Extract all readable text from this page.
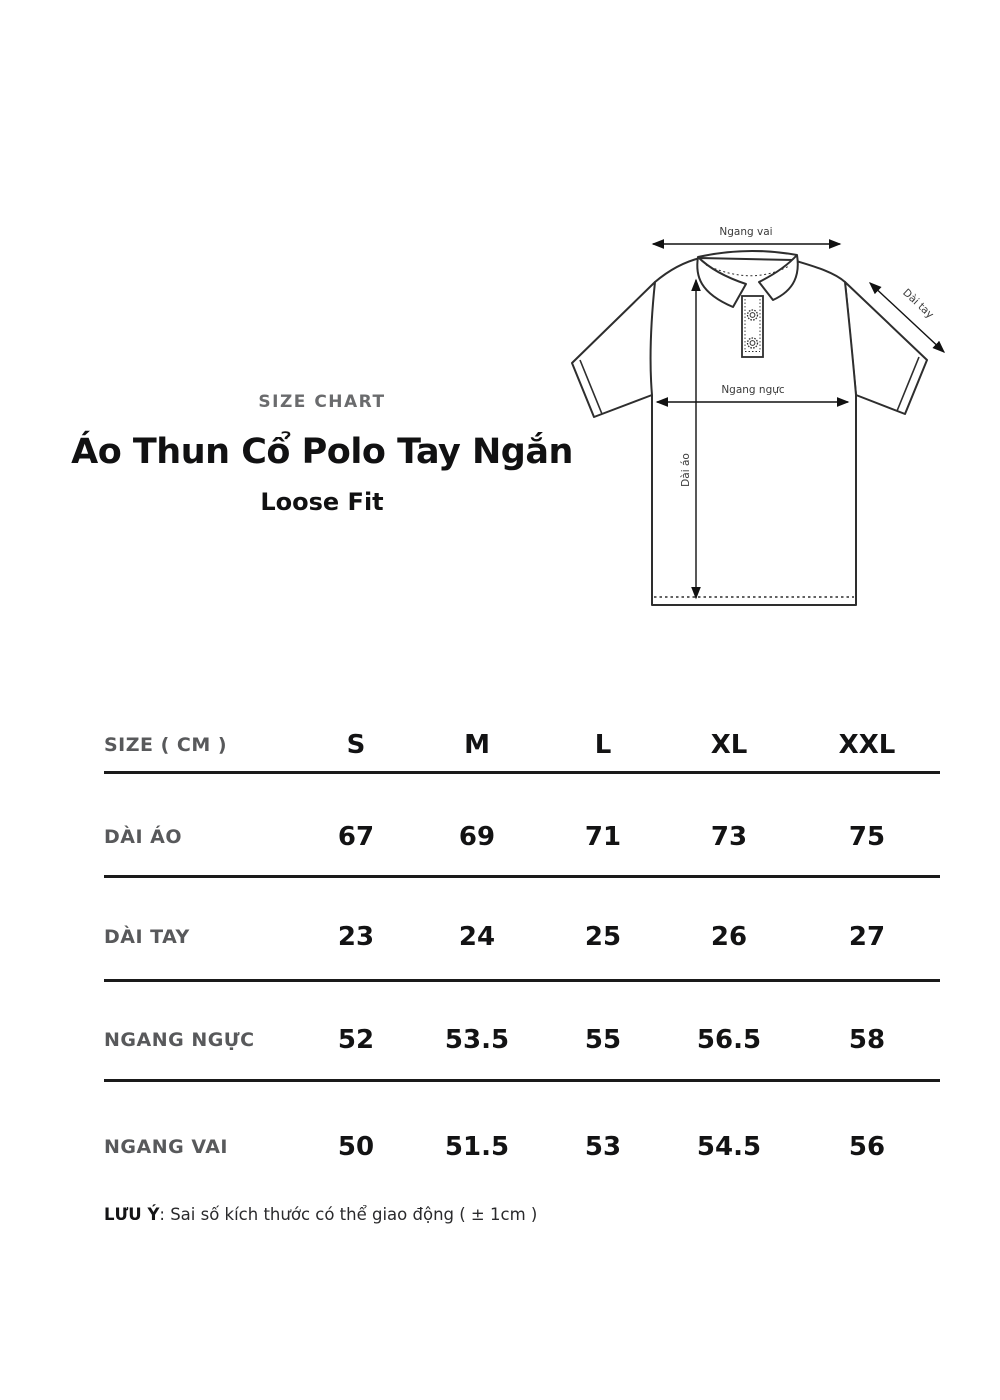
SIZE CHART
Áo Thun Cổ Polo Tay Ngắn
Loose Fit
Ngang vai
Dài tay
Ngang ngực
Dài áo
SIZE ( CM )	S	M	L	XL	XXL
DÀI ÁO	67	69	71	73	75
DÀI TAY	23	24	25	26	27
NGANG NGỰC	52	53.5	55	56.5	58
NGANG VAI	50	51.5	53	54.5	56
LƯU Ý: Sai số kích thước có thể giao động ( ± 1cm )
